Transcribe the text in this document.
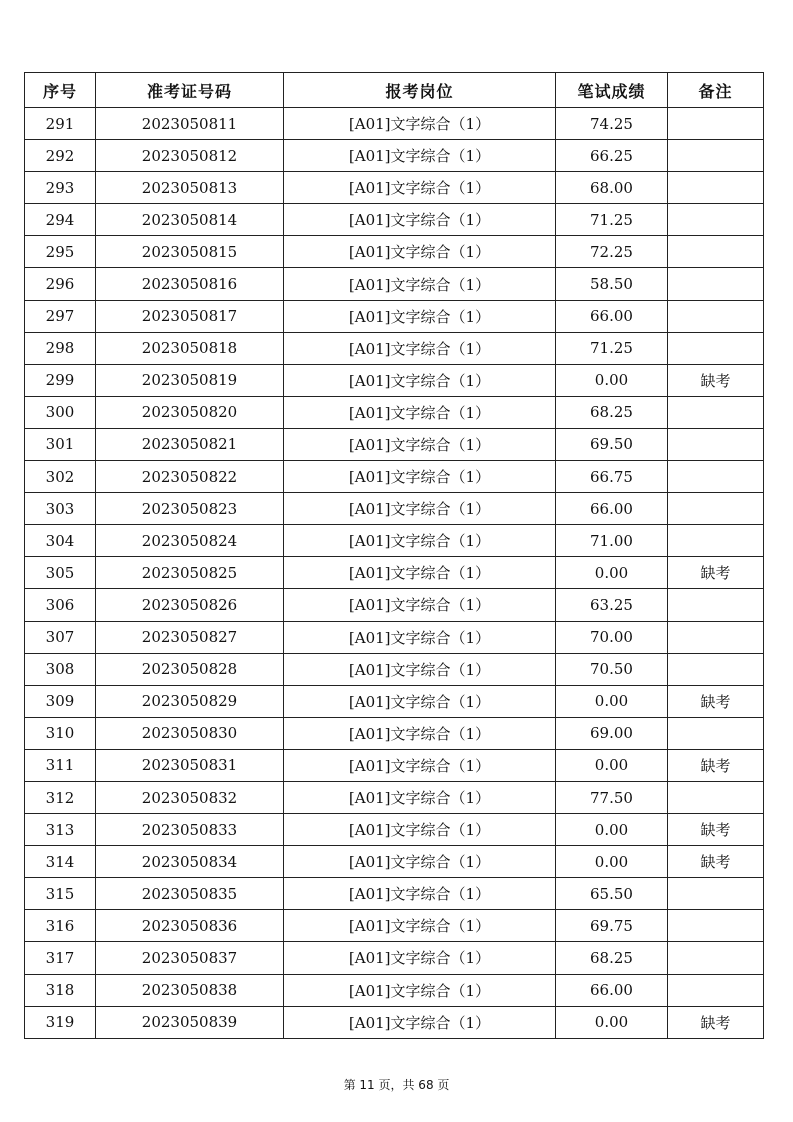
序号	准考证号码	报考岗位	笔试成绩	备注
291	2023050811	[A01]文字综合（1）	74.25	
292	2023050812	[A01]文字综合（1）	66.25	
293	2023050813	[A01]文字综合（1）	68.00	
294	2023050814	[A01]文字综合（1）	71.25	
295	2023050815	[A01]文字综合（1）	72.25	
296	2023050816	[A01]文字综合（1）	58.50	
297	2023050817	[A01]文字综合（1）	66.00	
298	2023050818	[A01]文字综合（1）	71.25	
299	2023050819	[A01]文字综合（1）	0.00	缺考
300	2023050820	[A01]文字综合（1）	68.25	
301	2023050821	[A01]文字综合（1）	69.50	
302	2023050822	[A01]文字综合（1）	66.75	
303	2023050823	[A01]文字综合（1）	66.00	
304	2023050824	[A01]文字综合（1）	71.00	
305	2023050825	[A01]文字综合（1）	0.00	缺考
306	2023050826	[A01]文字综合（1）	63.25	
307	2023050827	[A01]文字综合（1）	70.00	
308	2023050828	[A01]文字综合（1）	70.50	
309	2023050829	[A01]文字综合（1）	0.00	缺考
310	2023050830	[A01]文字综合（1）	69.00	
311	2023050831	[A01]文字综合（1）	0.00	缺考
312	2023050832	[A01]文字综合（1）	77.50	
313	2023050833	[A01]文字综合（1）	0.00	缺考
314	2023050834	[A01]文字综合（1）	0.00	缺考
315	2023050835	[A01]文字综合（1）	65.50	
316	2023050836	[A01]文字综合（1）	69.75	
317	2023050837	[A01]文字综合（1）	68.25	
318	2023050838	[A01]文字综合（1）	66.00	
319	2023050839	[A01]文字综合（1）	0.00	缺考
第 11 页，共 68 页
